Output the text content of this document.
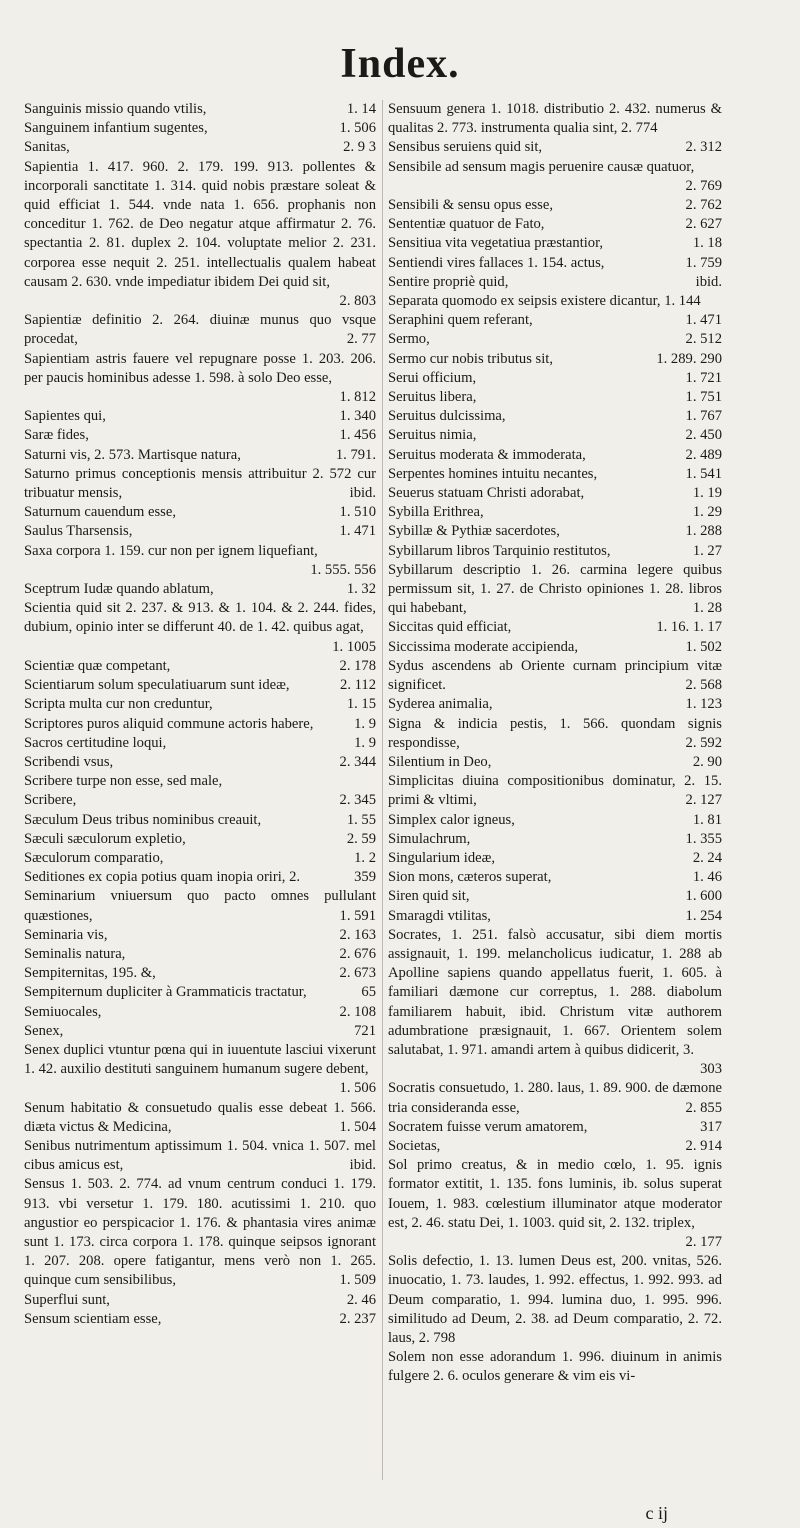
Index.
Sanguinis missio quando vtilis,	1. 14
Sanguinem infantium sugentes,	1. 506
Sanitas,	2. 9 3
Sapientia 1. 417. 960. 2. 179. 199. 913. pollentes & incorporali sanctitate 1. 314. quid nobis præstare soleat & quid efficiat 1. 544. vnde nata 1. 656. prophanis non conceditur 1. 762. de Deo negatur atque affirmatur 2. 76. spectantia 2. 81. duplex 2. 104. voluptate melior 2. 231. corporea esse nequit 2. 251. intellectualis qualem habeat causam 2. 630. vnde impediatur ibidem Dei quid sit,
2. 803
Sapientiæ definitio 2. 264. diuinæ munus quo vsque procedat,	2. 77
Sapientiam astris fauere vel repugnare posse 1. 203. 206. per paucis hominibus adesse 1. 598. à solo Deo esse,
1. 812
Sapientes qui,	1. 340
Saræ fides,	1. 456
Saturni vis, 2. 573. Martisque natura,	1. 791.
Saturno primus conceptionis mensis attribuitur 2. 572 cur tribuatur mensis,	ibid.
Saturnum cauendum esse,	1. 510
Saulus Tharsensis,	1. 471
Saxa corpora 1. 159. cur non per ignem liquefiant,
1. 555. 556
Sceptrum Iudæ quando ablatum,	1. 32
Scientia quid sit 2. 237. & 913. & 1. 104. & 2. 244. fides, dubium, opinio inter se differunt 40. de 1. 42. quibus agat,
1. 1005
Scientiæ quæ competant,	2. 178
Scientiarum solum speculatiuarum sunt ideæ,	2. 112
Scripta multa cur non creduntur,	1. 15
Scriptores puros aliquid commune actoris habere,	1. 9
Sacros certitudine loqui,	1. 9
Scribendi vsus,	2. 344
Scribere turpe non esse, sed male,
Scribere,	2. 345
Sæculum Deus tribus nominibus creauit,	1. 55
Sæculi sæculorum expletio,	2. 59
Sæculorum comparatio,	1. 2
Seditiones ex copia potius quam inopia oriri, 2.	359
Seminarium vniuersum quo pacto omnes pullulant quæstiones,	1. 591
Seminaria vis,	2. 163
Seminalis natura,	2. 676
Sempiternitas, 195. &,	2. 673
Sempiternum dupliciter à Grammaticis tractatur,	65
Semiuocales,	2. 108
Senex,	721
Senex duplici vtuntur pœna qui in iuuentute lasciui vixerunt 1. 42. auxilio destituti sanguinem humanum sugere debent,
1. 506
Senum habitatio & consuetudo qualis esse debeat 1. 566. diæta victus & Medicina,	1. 504
Senibus nutrimentum aptissimum 1. 504. vnica 1. 507. mel cibus amicus est,	ibid.
Sensus 1. 503. 2. 774. ad vnum centrum conduci 1. 179. 913. vbi versetur 1. 179. 180. acutissimi 1. 210. quo angustior eo perspicacior 1. 176. & phantasia vires animæ sunt 1. 173. circa corpora 1. 178. quinque seipsos ignorant 1. 207. 208. opere fatigantur, mens verò non 1. 265. quinque cum sensibilibus,	1. 509
Superflui sunt,	2. 46
Sensum scientiam esse,	2. 237
Sensuum genera 1. 1018. distributio 2. 432. numerus & qualitas 2. 773. instrumenta qualia sint, 2. 774
Sensibus seruiens quid sit,	2. 312
Sensibile ad sensum magis peruenire causæ quatuor,
2. 769
Sensibili & sensu opus esse,	2. 762
Sententiæ quatuor de Fato,	2. 627
Sensitiua vita vegetatiua præstantior,	1. 18
Sentiendi vires fallaces 1. 154. actus,	1. 759
Sentire propriè quid,	ibid.
Separata quomodo ex seipsis existere dicantur, 1. 144
Seraphini quem referant,	1. 471
Sermo,	2. 512
Sermo cur nobis tributus sit,	1. 289. 290
Serui officium,	1. 721
Seruitus libera,	1. 751
Seruitus dulcissima,	1. 767
Seruitus nimia,	2. 450
Seruitus moderata & immoderata,	2. 489
Serpentes homines intuitu necantes,	1. 541
Seuerus statuam Christi adorabat,	1. 19
Sybilla Erithrea,	1. 29
Sybillæ & Pythiæ sacerdotes,	1. 288
Sybillarum libros Tarquinio restitutos,	1. 27
Sybillarum descriptio 1. 26. carmina legere quibus permissum sit, 1. 27. de Christo opiniones 1. 28. libros qui habebant,	1. 28
Siccitas quid efficiat,	1. 16. 1. 17
Siccissima moderate accipienda,	1. 502
Sydus ascendens ab Oriente curnam principium vitæ significet.	2. 568
Syderea animalia,	1. 123
Signa & indicia pestis, 1. 566. quondam signis respondisse,	2. 592
Silentium in Deo,	2. 90
Simplicitas diuina compositionibus dominatur, 2. 15. primi & vltimi,	2. 127
Simplex calor igneus,	1. 81
Simulachrum,	1. 355
Singularium ideæ,	2. 24
Sion mons, cæteros superat,	1. 46
Siren quid sit,	1. 600
Smaragdi vtilitas,	1. 254
Socrates, 1. 251. falsò accusatur, sibi diem mortis assignauit, 1. 199. melancholicus iudicatur, 1. 288 ab Apolline sapiens quando appellatus fuerit, 1. 605. à familiari dæmone cur correptus, 1. 288. diabolum familiarem habuit, ibid. Christum vitæ authorem adumbratione præsignauit, 1. 667. Orientem solem salutabat, 1. 971. amandi artem à quibus didicerit, 3.
303
Socratis consuetudo, 1. 280. laus, 1. 89. 900. de dæmone tria consideranda esse,	2. 855
Socratem fuisse verum amatorem,	317
Societas,	2. 914
Sol primo creatus, & in medio cœlo, 1. 95. ignis formator extitit, 1. 135. fons luminis, ib. solus superat Iouem, 1. 983. cœlestium illuminator atque moderator est, 2. 46. statu Dei, 1. 1003. quid sit, 2. 132. triplex,
2. 177
Solis defectio, 1. 13. lumen Deus est, 200. vnitas, 526. inuocatio, 1. 73. laudes, 1. 992. effectus, 1. 992. 993. ad Deum comparatio, 1. 994. lumina duo, 1. 995. 996. similitudo ad Deum, 2. 38. ad Deum comparatio, 2. 72. laus, 2. 798
Solem non esse adorandum 1. 996. diuinum in animis fulgere 2. 6. oculos generare & vim eis vi-
c ij
